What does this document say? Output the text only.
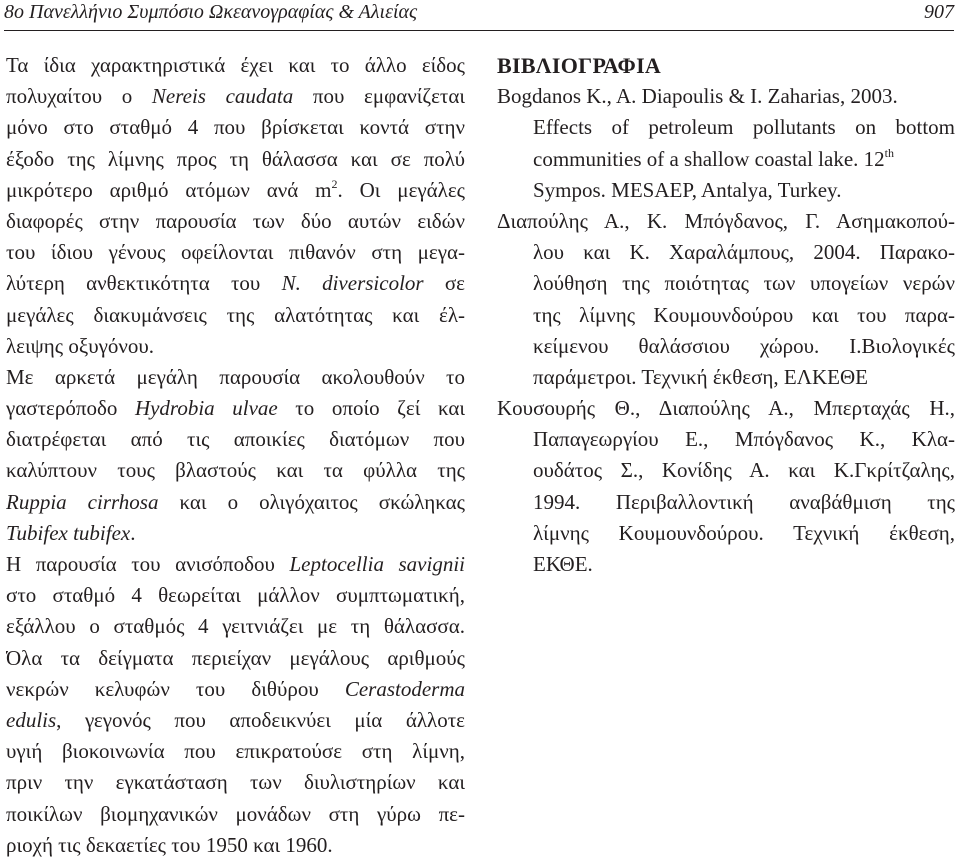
8ο Πανελλήνιο Συμπόσιο Ωκεανογραφίας & Αλιείας	907
Τα ίδια χαρακτηριστικά έχει και το άλλο είδος
πολυχαίτου ο Nereis caudata που εμφανίζεται
μόνο στο σταθμό 4 που βρίσκεται κοντά στην
έξοδο της λίμνης προς τη θάλασσα και σε πολύ
μικρότερο αριθμό ατόμων ανά $m^2$. Οι μεγάλες
διαφορές στην παρουσία των δύο αυτών ειδών
του ίδιου γένους οφείλονται πιθανόν στη μεγα-
λύτερη ανθεκτικότητα του N. diversicolor σε
μεγάλες διακυμάνσεις της αλατότητας και έλ-
λειψης οξυγόνου.
Με αρκετά μεγάλη παρουσία ακολουθούν το
γαστερόποδο Hydrobia ulvae το οποίο ζεί και
διατρέφεται από τις αποικίες διατόμων που
καλύπτουν τους βλαστούς και τα φύλλα της
Ruppia cirrhosa και ο ολιγόχαιτος σκώληκας
Tubifex tubifex.
Η παρουσία του ανισόποδου Leptocellia savignii
στο σταθμό 4 θεωρείται μάλλον συμπτωματική,
εξάλλου ο σταθμός 4 γειτνιάζει με τη θάλασσα.
Όλα τα δείγματα περιείχαν μεγάλους αριθμούς
νεκρών κελυφών του διθύρου Cerastoderma
edulis, γεγονός που αποδεικνύει μία άλλοτε
υγιή βιοκοινωνία που επικρατούσε στη λίμνη,
πριν την εγκατάσταση των διυλιστηρίων και
ποικίλων βιομηχανικών μονάδων στη γύρω πε-
ριοχή τις δεκαετίες του 1950 και 1960.
ΒΙΒΛΙΟΓΡΑΦΙΑ
Bogdanos K., A. Diapoulis & I. Zaharias, 2003.
Effects of petroleum pollutants on bottom
communities of a shallow coastal lake. 12th
Sympos. MESAEP, Antalya, Turkey.
Διαπούλης Α., Κ. Μπόγδανος, Γ. Ασημακοπού-
λου και Κ. Χαραλάμπους, 2004. Παρακο-
λούθηση της ποιότητας των υπογείων νερών
της λίμνης Κουμουνδούρου και του παρα-
κείμενου θαλάσσιου χώρου. Ι.Βιολογικές
παράμετροι. Τεχνική έκθεση, ΕΛΚΕΘΕ
Κουσουρής Θ., Διαπούλης Α., Μπερταχάς Η.,
Παπαγεωργίου Ε., Μπόγδανος Κ., Κλα-
ουδάτος Σ., Κονίδης Α. και Κ.Γκρίτζαλης,
1994. Περιβαλλοντική αναβάθμιση της
λίμνης Κουμουνδούρου. Τεχνική έκθεση,
ΕΚΘΕ.
